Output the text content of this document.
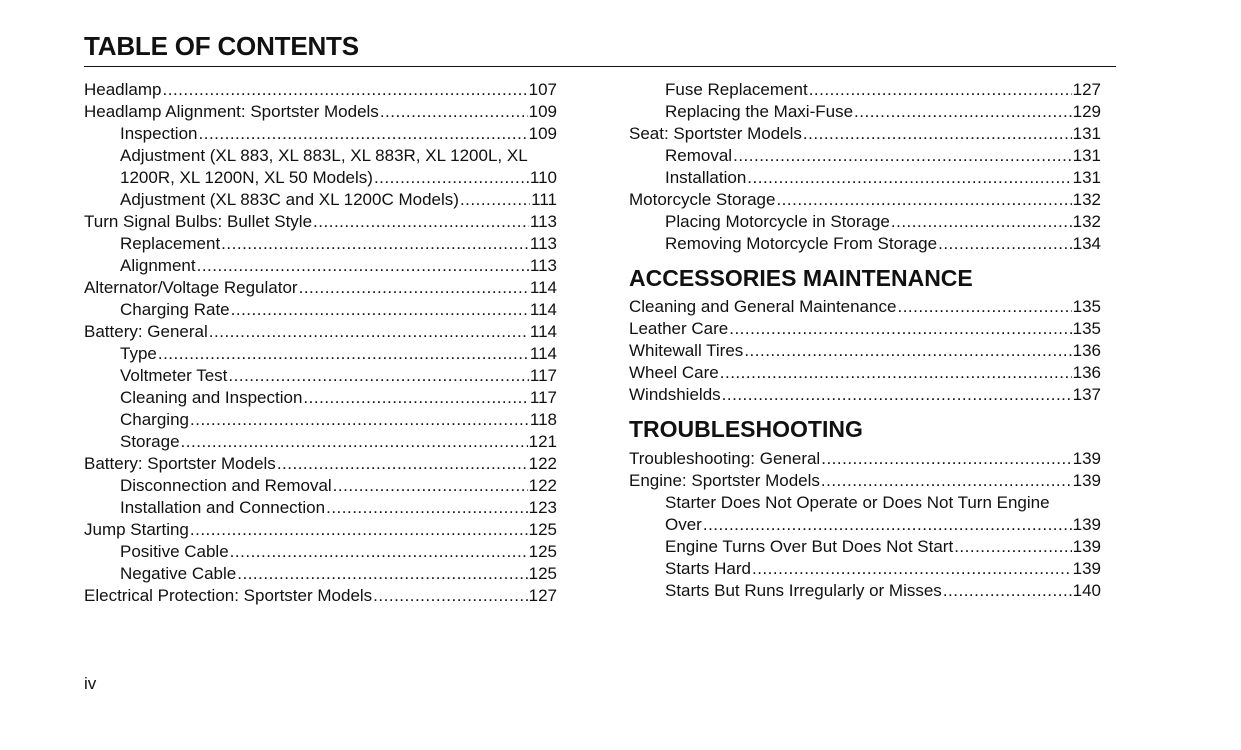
TABLE OF CONTENTS
Headlamp .....	107
Headlamp Alignment: Sportster Models .....	109
Inspection .....	109
Adjustment (XL 883, XL 883L, XL 883R, XL 1200L, XL
1200R, XL 1200N, XL 50 Models) .....	110
Adjustment (XL 883C and XL 1200C Models) .....	111
Turn Signal Bulbs: Bullet Style .....	113
Replacement .....	113
Alignment .....	113
Alternator/Voltage Regulator .....	114
Charging Rate .....	114
Battery: General .....	114
Type .....	114
Voltmeter Test .....	117
Cleaning and Inspection .....	117
Charging .....	118
Storage .....	121
Battery: Sportster Models .....	122
Disconnection and Removal .....	122
Installation and Connection .....	123
Jump Starting .....	125
Positive Cable .....	125
Negative Cable .....	125
Electrical Protection: Sportster Models .....	127
Fuse Replacement .....	127
Replacing the Maxi-Fuse .....	129
Seat: Sportster Models .....	131
Removal .....	131
Installation .....	131
Motorcycle Storage .....	132
Placing Motorcycle in Storage .....	132
Removing Motorcycle From Storage .....	134
ACCESSORIES MAINTENANCE
Cleaning and General Maintenance .....	135
Leather Care .....	135
Whitewall Tires .....	136
Wheel Care .....	136
Windshields .....	137
TROUBLESHOOTING
Troubleshooting: General .....	139
Engine: Sportster Models .....	139
Starter Does Not Operate or Does Not Turn Engine
Over .....	139
Engine Turns Over But Does Not Start .....	139
Starts Hard .....	139
Starts But Runs Irregularly or Misses .....	140
iv
